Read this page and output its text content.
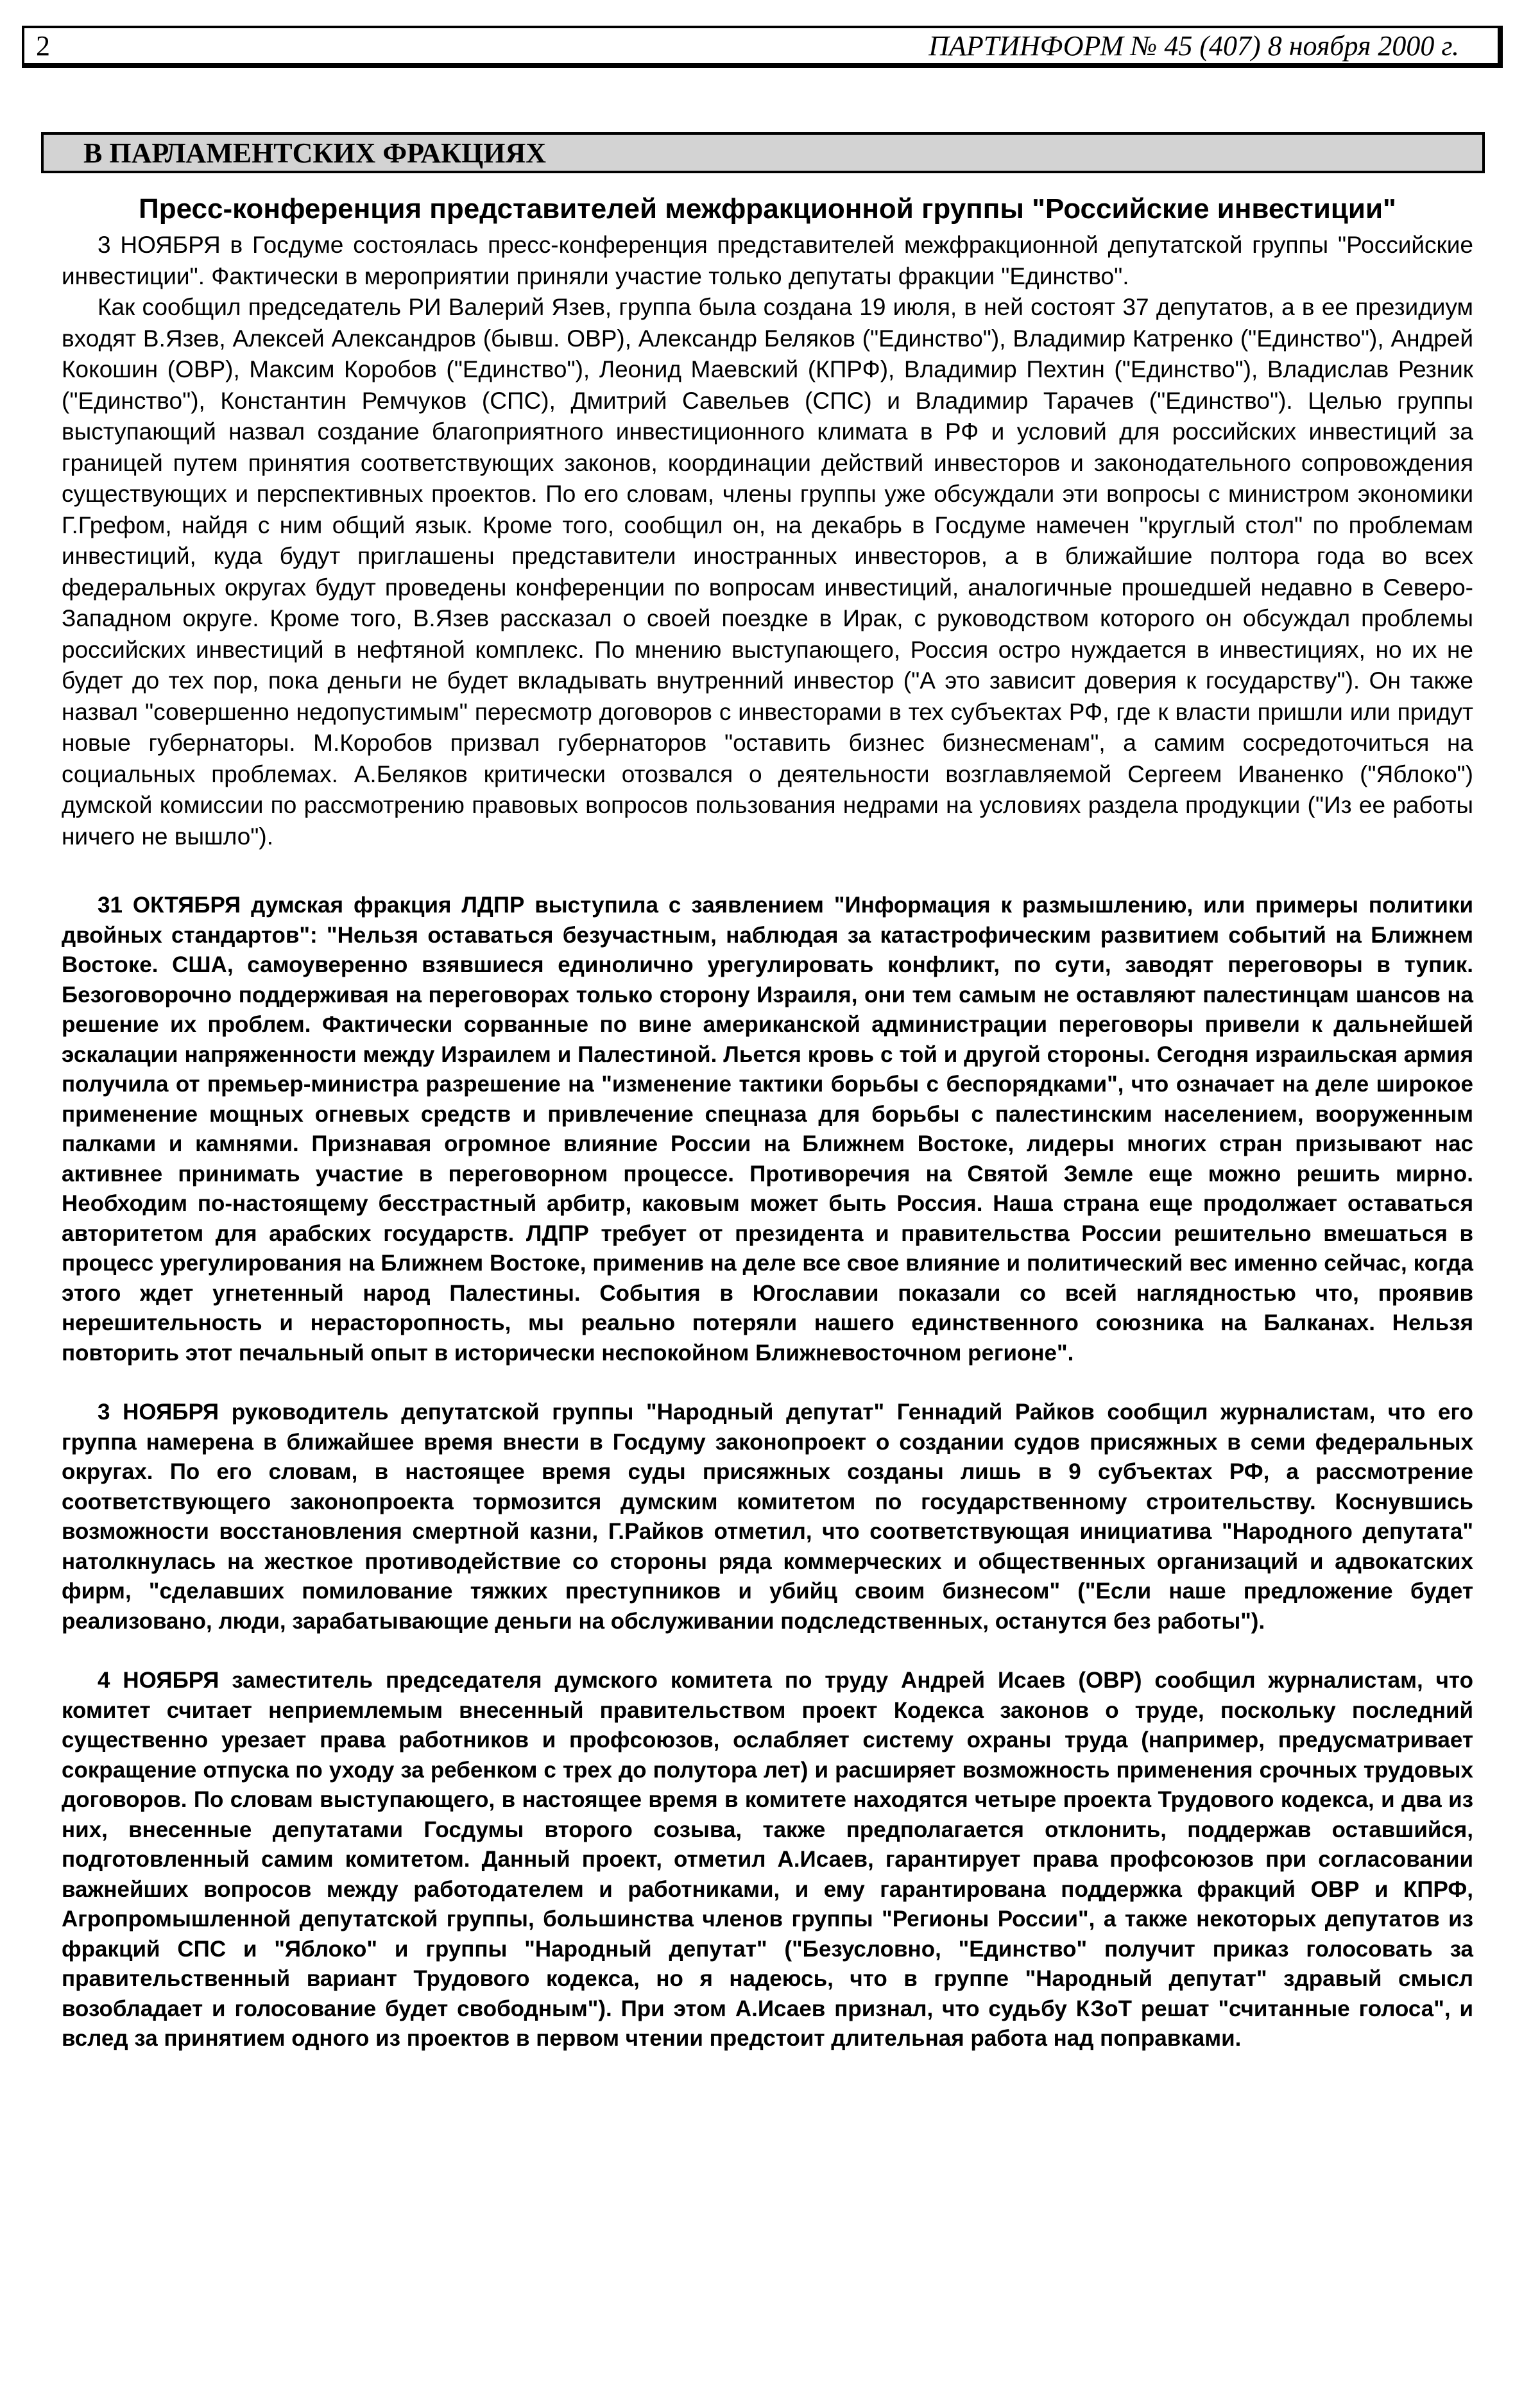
2	ПАРТИНФОРМ № 45 (407) 8 ноября 2000 г.
В ПАРЛАМЕНТСКИХ ФРАКЦИЯХ
Пресс-конференция представителей межфракционной группы "Российские инвестиции"

3 НОЯБРЯ в Госдуме состоялась пресс-конференция представителей межфракционной депутатской группы "Российские инвестиции". Фактически в мероприятии приняли участие только депутаты фракции "Единство".

Как сообщил председатель РИ Валерий Язев, группа была создана 19 июля, в ней состоят 37 депутатов, а в ее президиум входят В.Язев, Алексей Александров (бывш. ОВР), Александр Беляков ("Единство"), Владимир Катренко ("Единство"), Андрей Кокошин (ОВР), Максим Коробов ("Единство"), Леонид Маевский (КПРФ), Владимир Пехтин ("Единство"), Владислав Резник ("Единство"), Константин Ремчуков (СПС), Дмитрий Савельев (СПС) и Владимир Тарачев ("Единство"). Целью группы выступающий назвал создание благоприятного инвестиционного климата в РФ и условий для российских инвестиций за границей путем принятия соответствующих законов, координации действий инвесторов и законодательного сопровождения существующих и перспективных проектов. По его словам, члены группы уже обсуждали эти вопросы с министром экономики Г.Грефом, найдя с ним общий язык. Кроме того, сообщил он, на декабрь в Госдуме намечен "круглый стол" по проблемам инвестиций, куда будут приглашены представители иностранных инвесторов, а в ближайшие полтора года во всех федеральных округах будут проведены конференции по вопросам инвестиций, аналогичные прошедшей недавно в Северо-Западном округе. Кроме того, В.Язев рассказал о своей поездке в Ирак, с руководством которого он обсуждал проблемы российских инвестиций в нефтяной комплекс. По мнению выступающего, Россия остро нуждается в инвестициях, но их не будет до тех пор, пока деньги не будет вкладывать внутренний инвестор ("А это зависит доверия к государству"). Он также назвал "совершенно недопустимым" пересмотр договоров с инвесторами в тех субъектах РФ, где к власти пришли или придут новые губернаторы. М.Коробов призвал губернаторов "оставить бизнес бизнесменам", а самим сосредоточиться на социальных проблемах. А.Беляков критически отозвался о деятельности возглавляемой Сергеем Иваненко ("Яблоко") думской комиссии по рассмотрению правовых вопросов пользования недрами на условиях раздела продукции ("Из ее работы ничего не вышло").

31 ОКТЯБРЯ думская фракция ЛДПР выступила с заявлением "Информация к размышлению, или примеры политики двойных стандартов": "Нельзя оставаться безучастным, наблюдая за катастрофическим развитием событий на Ближнем Востоке. США, самоуверенно взявшиеся единолично урегулировать конфликт, по сути, заводят переговоры в тупик. Безоговорочно поддерживая на переговорах только сторону Израиля, они тем самым не оставляют палестинцам шансов на решение их проблем. Фактически сорванные по вине американской администрации переговоры привели к дальнейшей эскалации напряженности между Израилем и Палестиной. Льется кровь с той и другой стороны. Сегодня израильская армия получила от премьер-министра разрешение на "изменение тактики борьбы с беспорядками", что означает на деле широкое применение мощных огневых средств и привлечение спецназа для борьбы с палестинским населением, вооруженным палками и камнями. Признавая огромное влияние России на Ближнем Востоке, лидеры многих стран призывают нас активнее принимать участие в переговорном процессе. Противоречия на Святой Земле еще можно решить мирно. Необходим по-настоящему бесстрастный арбитр, каковым может быть Россия. Наша страна еще продолжает оставаться авторитетом для арабских государств. ЛДПР требует от президента и правительства России решительно вмешаться в процесс урегулирования на Ближнем Востоке, применив на деле все свое влияние и политический вес именно сейчас, когда этого ждет угнетенный народ Палестины. События в Югославии показали со всей наглядностью что, проявив нерешительность и нерасторопность, мы реально потеряли нашего единственного союзника на Балканах. Нельзя повторить этот печальный опыт в исторически неспокойном Ближневосточном регионе".

3 НОЯБРЯ руководитель депутатской группы "Народный депутат" Геннадий Райков сообщил журналистам, что его группа намерена в ближайшее время внести в Госдуму законопроект о создании судов присяжных в семи федеральных округах. По его словам, в настоящее время суды присяжных созданы лишь в 9 субъектах РФ, а рассмотрение соответствующего законопроекта тормозится думским комитетом по государственному строительству. Коснувшись возможности восстановления смертной казни, Г.Райков отметил, что соответствующая инициатива "Народного депутата" натолкнулась на жесткое противодействие со стороны ряда коммерческих и общественных организаций и адвокатских фирм, "сделавших помилование тяжких преступников и убийц своим бизнесом" ("Если наше предложение будет реализовано, люди, зарабатывающие деньги на обслуживании подследственных, останутся без работы").

4 НОЯБРЯ заместитель председателя думского комитета по труду Андрей Исаев (ОВР) сообщил журналистам, что комитет считает неприемлемым внесенный правительством проект Кодекса законов о труде, поскольку последний существенно урезает права работников и профсоюзов, ослабляет систему охраны труда (например, предусматривает сокращение отпуска по уходу за ребенком с трех до полутора лет) и расширяет возможность применения срочных трудовых договоров. По словам выступающего, в настоящее время в комитете находятся четыре проекта Трудового кодекса, и два из них, внесенные депутатами Госдумы второго созыва, также предполагается отклонить, поддержав оставшийся, подготовленный самим комитетом. Данный проект, отметил А.Исаев, гарантирует права профсоюзов при согласовании важнейших вопросов между работодателем и работниками, и ему гарантирована поддержка фракций ОВР и КПРФ, Агропромышленной депутатской группы, большинства членов группы "Регионы России", а также некоторых депутатов из фракций СПС и "Яблоко" и группы "Народный депутат" ("Безусловно, "Единство" получит приказ голосовать за правительственный вариант Трудового кодекса, но я надеюсь, что в группе "Народный депутат" здравый смысл возобладает и голосование будет свободным"). При этом А.Исаев признал, что судьбу КЗоТ решат "считанные голоса", и вслед за принятием одного из проектов в первом чтении предстоит длительная работа над поправками.
